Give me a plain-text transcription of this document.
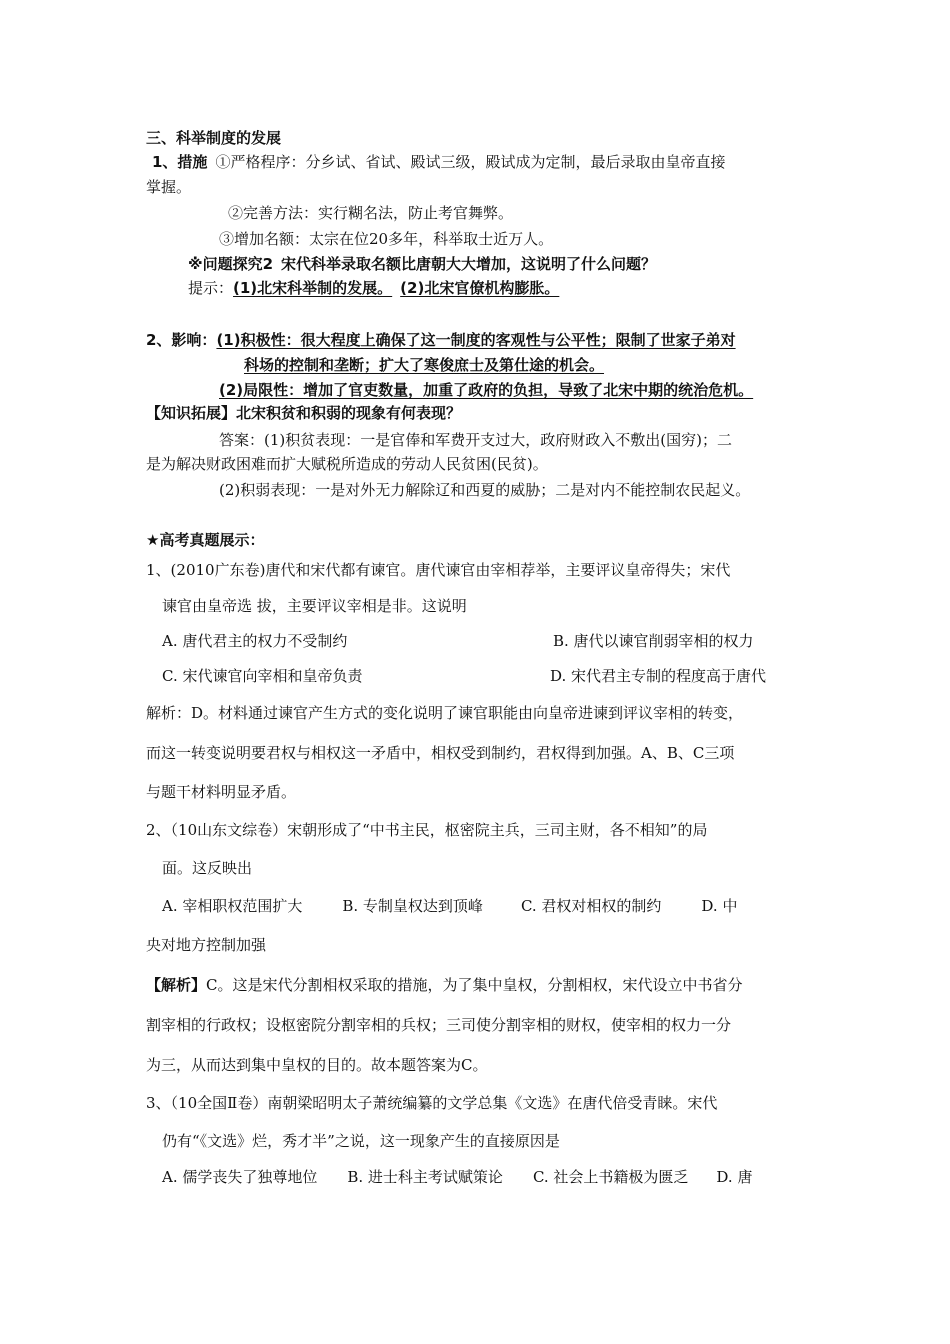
三、科举制度的发展
1、措施 ①严格程序：分乡试、省试、殿试三级，殿试成为定制，最后录取由皇帝直接
掌握。
②完善方法：实行糊名法，防止考官舞弊。
③增加名额：太宗在位20多年，科举取士近万人。
※问题探究2 宋代科举录取名额比唐朝大大增加，这说明了什么问题？
提示：(1)北宋科举制的发展。 (2)北宋官僚机构膨胀。
2、影响：(1)积极性：很大程度上确保了这一制度的客观性与公平性；限制了世家子弟对
科场的控制和垄断；扩大了寒俊庶士及第仕途的机会。
(2)局限性：增加了官吏数量，加重了政府的负担，导致了北宋中期的统治危机。
【知识拓展】北宋积贫和积弱的现象有何表现？
答案：(1)积贫表现：一是官俸和军费开支过大，政府财政入不敷出(国穷)；二
是为解决财政困难而扩大赋税所造成的劳动人民贫困(民贫)。
(2)积弱表现：一是对外无力解除辽和西夏的威胁；二是对内不能控制农民起义。
★高考真题展示：
1、(2010广东卷)唐代和宋代都有谏官。唐代谏官由宰相荐举，主要评议皇帝得失；宋代
谏官由皇帝选 拔，主要评议宰相是非。这说明
A. 唐代君主的权力不受制约	B. 唐代以谏官削弱宰相的权力
C. 宋代谏官向宰相和皇帝负责	D. 宋代君主专制的程度高于唐代
解析：D。材料通过谏官产生方式的变化说明了谏官职能由向皇帝进谏到评议宰相的转变，
而这一转变说明要君权与相权这一矛盾中，相权受到制约，君权得到加强。A、B、C三项
与题干材料明显矛盾。
2、（10山东文综卷）宋朝形成了“中书主民，枢密院主兵，三司主财，各不相知”的局
面。这反映出
A. 宰相职权范围扩大	B. 专制皇权达到顶峰	C. 君权对相权的制约	D. 中
央对地方控制加强
【解析】C。这是宋代分割相权采取的措施，为了集中皇权，分割相权，宋代设立中书省分
割宰相的行政权；设枢密院分割宰相的兵权；三司使分割宰相的财权，使宰相的权力一分
为三，从而达到集中皇权的目的。故本题答案为C。
3、（10全国Ⅱ卷）南朝梁昭明太子萧统编纂的文学总集《文选》在唐代倍受青睐。宋代
仍有“《文选》烂，秀才半”之说，这一现象产生的直接原因是
A. 儒学丧失了独尊地位 B. 进士科主考试赋策论 C. 社会上书籍极为匮乏 D. 唐
